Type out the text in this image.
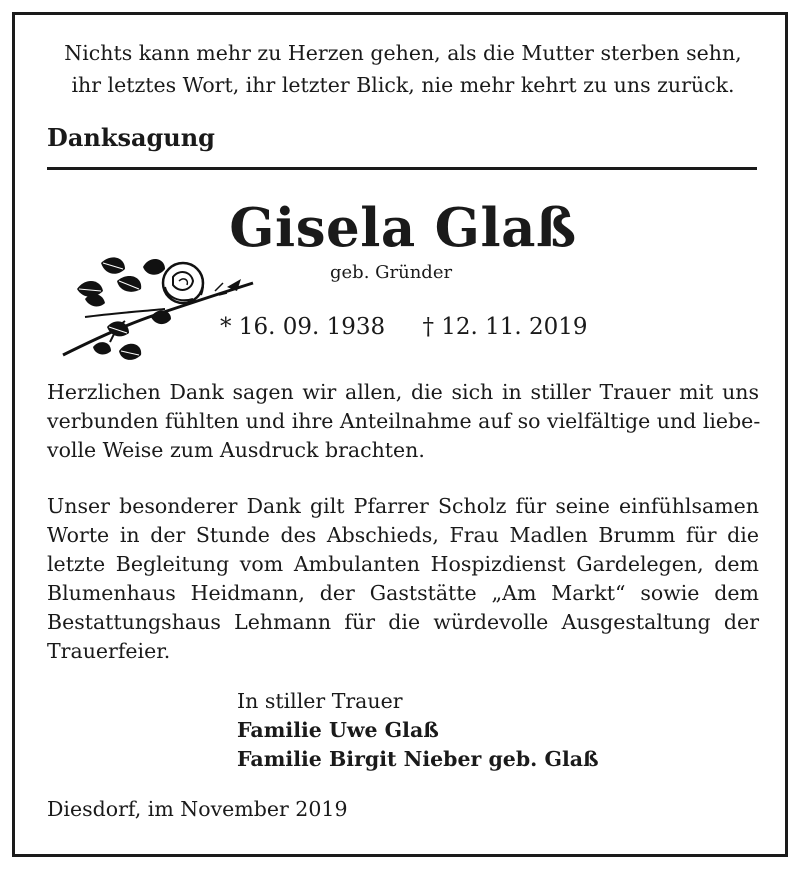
Nichts kann mehr zu Herzen gehen, als die Mutter sterben sehn,
ihr letztes Wort, ihr letzter Blick, nie mehr kehrt zu uns zurück.
Danksagung
Gisela Glaß
geb. Gründer
* 16. 09. 1938 † 12. 11. 2019

Herzlichen Dank sagen wir allen, die sich in stiller Trauer mit uns
verbunden fühlten und ihre Anteilnahme auf so vielfältige und liebe-
volle Weise zum Ausdruck brachten.

Unser besonderer Dank gilt Pfarrer Scholz für seine einfühlsamen
Worte in der Stunde des Abschieds, Frau Madlen Brumm für die
letzte Begleitung vom Ambulanten Hospizdienst Gardelegen, dem
Blumenhaus Heidmann, der Gaststätte „Am Markt“ sowie dem
Bestattungshaus Lehmann für die würdevolle Ausgestaltung der
Trauerfeier.

In stiller Trauer
Familie Uwe Glaß
Familie Birgit Nieber geb. Glaß
Diesdorf, im November 2019
